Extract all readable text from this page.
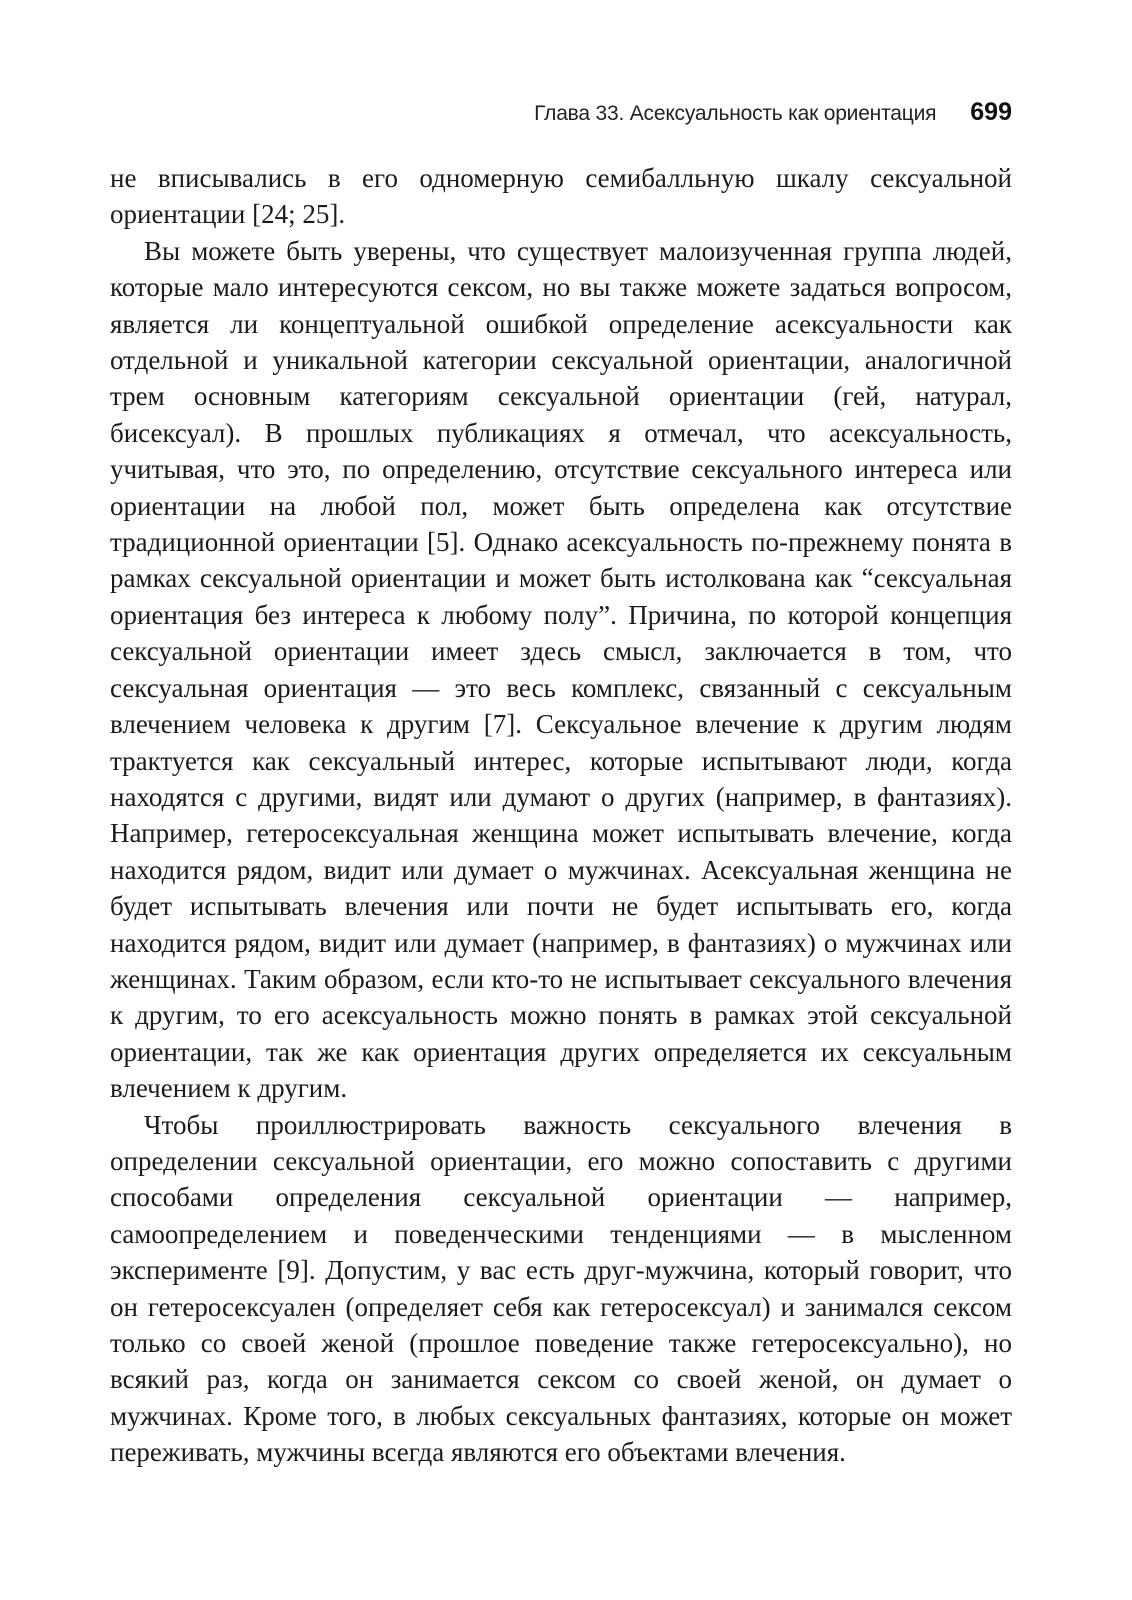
Глава 33. Асексуальность как ориентация 699

не вписывались в его одномерную семибалльную шкалу сексуальной ориентации [24; 25].

Вы можете быть уверены, что существует малоизученная группа людей, которые мало интересуются сексом, но вы также можете задаться вопросом, является ли концептуальной ошибкой определение асексуальности как отдельной и уникальной категории сексуальной ориентации, аналогичной трем основным категориям сексуальной ориентации (гей, натурал, бисексуал). В прошлых публикациях я отмечал, что асексуальность, учитывая, что это, по определению, отсутствие сексуального интереса или ориентации на любой пол, может быть определена как отсутствие традиционной ориентации [5]. Однако асексуальность по-прежнему понята в рамках сексуальной ориентации и может быть истолкована как “сексуальная ориентация без интереса к любому полу”. Причина, по которой концепция сексуальной ориентации имеет здесь смысл, заключается в том, что сексуальная ориентация — это весь комплекс, связанный с сексуальным влечением человека к другим [7]. Сексуальное влечение к другим людям трактуется как сексуальный интерес, которые испытывают люди, когда находятся с другими, видят или думают о других (например, в фантазиях). Например, гетеросексуальная женщина может испытывать влечение, когда находится рядом, видит или думает о мужчинах. Асексуальная женщина не будет испытывать влечения или почти не будет испытывать его, когда находится рядом, видит или думает (например, в фантазиях) о мужчинах или женщинах. Таким образом, если кто-то не испытывает сексуального влечения к другим, то его асексуальность можно понять в рамках этой сексуальной ориентации, так же как ориентация других определяется их сексуальным влечением к другим.

Чтобы проиллюстрировать важность сексуального влечения в определении сексуальной ориентации, его можно сопоставить с другими способами определения сексуальной ориентации — например, самоопределением и поведенческими тенденциями — в мысленном эксперименте [9]. Допустим, у вас есть друг-мужчина, который говорит, что он гетеросексуален (определяет себя как гетеросексуал) и занимался сексом только со своей женой (прошлое поведение также гетеросексуально), но всякий раз, когда он занимается сексом со своей женой, он думает о мужчинах. Кроме того, в любых сексуальных фантазиях, которые он может переживать, мужчины всегда являются его объектами влечения.
